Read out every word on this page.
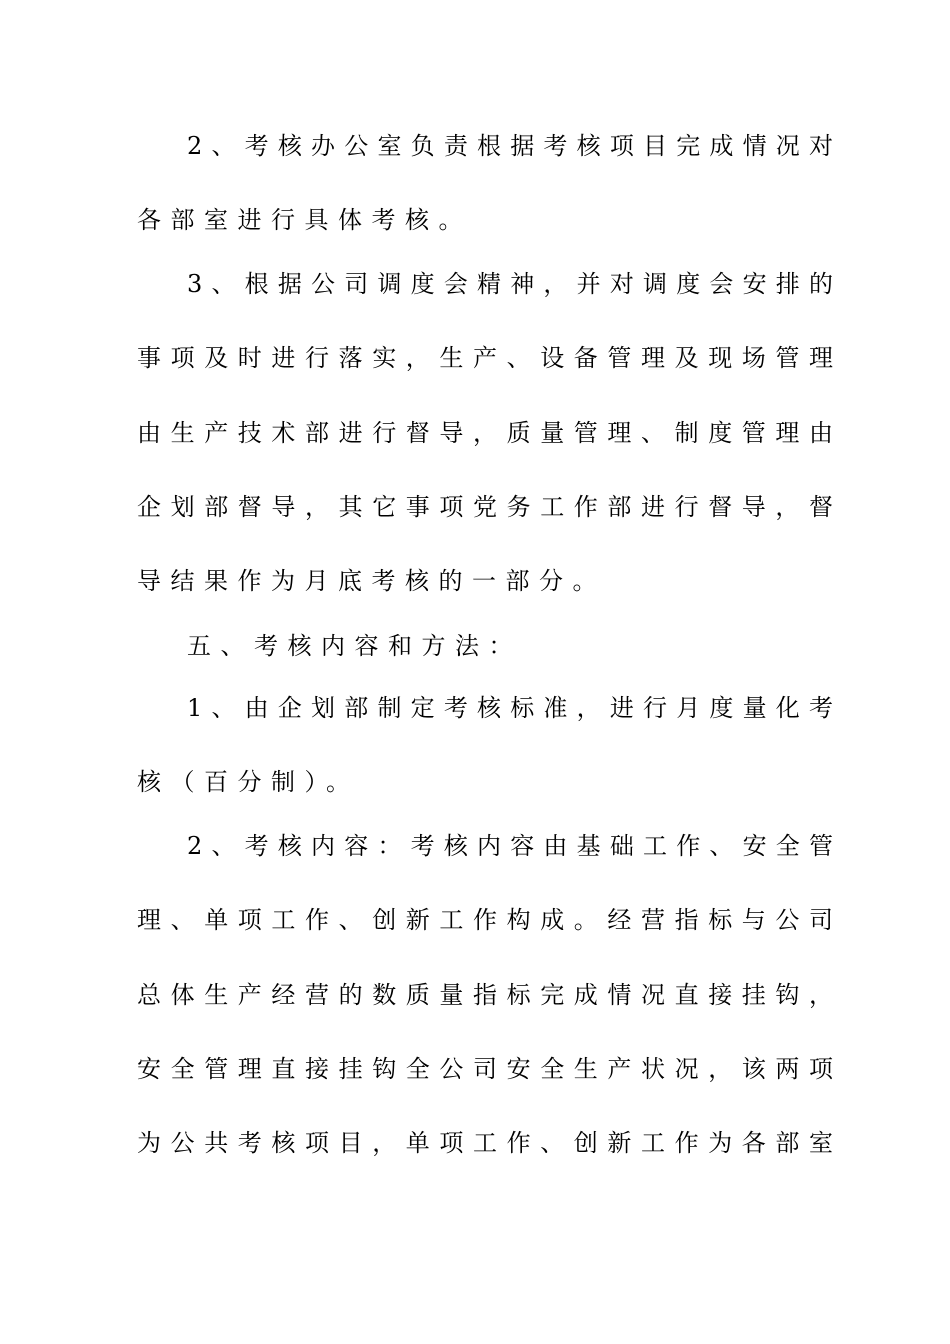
2、考核办公室负责根据考核项目完成情况对
各部室进行具体考核。
3、根据公司调度会精神，并对调度会安排的
事项及时进行落实，生产、设备管理及现场管理
由生产技术部进行督导，质量管理、制度管理由
企划部督导，其它事项党务工作部进行督导，督
导结果作为月底考核的一部分。
五、考核内容和方法：
1、由企划部制定考核标准，进行月度量化考
核（百分制）。
2、考核内容：考核内容由基础工作、安全管
理、单项工作、创新工作构成。经营指标与公司
总体生产经营的数质量指标完成情况直接挂钩，
安全管理直接挂钩全公司安全生产状况，该两项
为公共考核项目，单项工作、创新工作为各部室
